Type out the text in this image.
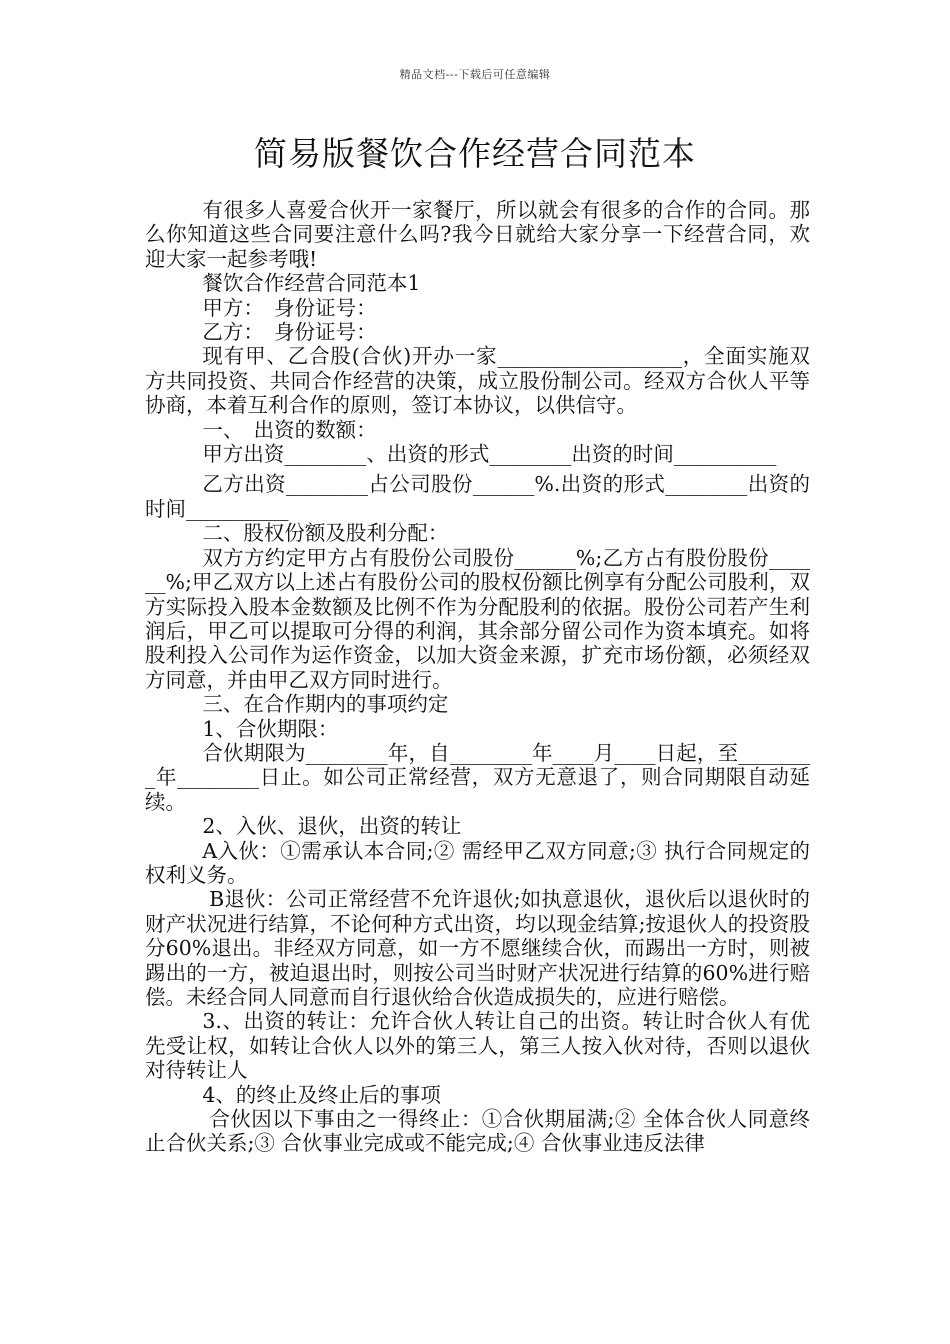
精品文档---下载后可任意编辑
简易版餐饮合作经营合同范本

有很多人喜爱合伙开一家餐厅，所以就会有很多的合作的合同。那么你知道这些合同要注意什么吗?我今日就给大家分享一下经营合同，欢迎大家一起参考哦!

餐饮合作经营合同范本1

甲方：　身份证号：

乙方：　身份证号：

现有甲、乙合股(合伙)开办一家__________________，全面实施双方共同投资、共同合作经营的决策，成立股份制公司。经双方合伙人平等协商，本着互利合作的原则，签订本协议，以供信守。

一、　出资的数额：

甲方出资________、出资的形式________出资的时间__________

乙方出资________占公司股份______%.出资的形式________出资的时间__________

二、股权份额及股利分配：

双方方约定甲方占有股份公司股份______%;乙方占有股份股份______%;甲乙双方以上述占有股份公司的股权份额比例享有分配公司股利，双方实际投入股本金数额及比例不作为分配股利的依据。股份公司若产生利润后，甲乙可以提取可分得的利润，其余部分留公司作为资本填充。如将股利投入公司作为运作资金，以加大资金来源，扩充市场份额，必须经双方同意，并由甲乙双方同时进行。

三、在合作期内的事项约定

1、合伙期限：

合伙期限为________年，自________年____月____日起，至________年________日止。如公司正常经营，双方无意退了，则合同期限自动延续。

2、入伙、退伙，出资的转让

A入伙：①需承认本合同;② 需经甲乙双方同意;③ 执行合同规定的权利义务。

B退伙：公司正常经营不允许退伙;如执意退伙，退伙后以退伙时的财产状况进行结算，不论何种方式出资，均以现金结算;按退伙人的投资股分60%退出。非经双方同意，如一方不愿继续合伙，而踢出一方时，则被踢出的一方，被迫退出时，则按公司当时财产状况进行结算的60%进行赔偿。未经合同人同意而自行退伙给合伙造成损失的，应进行赔偿。

3.、出资的转让：允许合伙人转让自己的出资。转让时合伙人有优先受让权，如转让合伙人以外的第三人，第三人按入伙对待，否则以退伙对待转让人

4、的终止及终止后的事项

合伙因以下事由之一得终止：①合伙期届满;② 全体合伙人同意终止合伙关系;③ 合伙事业完成或不能完成;④ 合伙事业违反法律
